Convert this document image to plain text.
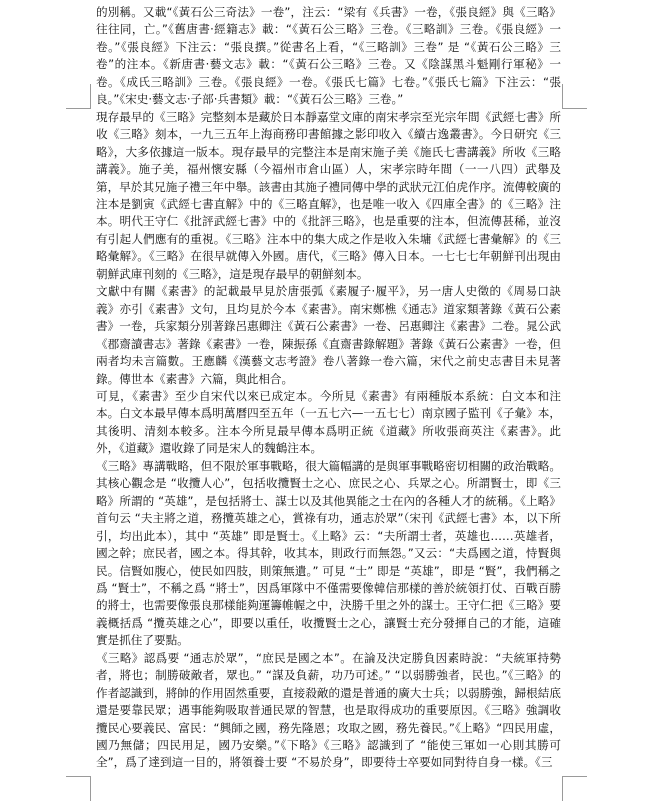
的別稱。又載“《黃石公三奇法》一卷”，注云：“梁有《兵書》一卷，《張良經》與《三略》往往同，亡。”《舊唐書·經籍志》載：“《黃石公三略》三卷。《三略訓》三卷。《張良經》一卷。”《張良經》下注云：“張良撰。”從書名上看，“《三略訓》三卷” 是 “《黃石公三略》三卷”的注本。《新唐書·藝文志》載：“《黃石公三略》三卷。又《陰謀黑斗魁剛行軍秘》一卷。《成氏三略訓》三卷。《張良經》一卷。《張氏七篇》七卷。”《張氏七篇》下注云：“張良。”《宋史·藝文志·子部·兵書類》載：“《黃石公三略》三卷。”

現存最早的《三略》完整刻本是藏於日本靜嘉堂文庫的南宋孝宗至光宗年間《武經七書》所收《三略》刻本，一九三五年上海商務印書館據之影印收入《續古逸叢書》。今日研究《三略》，大多依據這一版本。現存最早的完整注本是南宋施子美《施氏七書講義》所收《三略講義》。施子美，福州懷安縣（今福州市倉山區）人，宋孝宗時年間（一一八四）武舉及第，早於其兄施子禮三年中舉。該書由其施子禮同傳中學的武狀元江伯虎作序。流傳較廣的注本是劉寅《武經七書直解》中的《三略直解》，也是唯一收入《四庫全書》的《三略》注本。明代王守仁《批評武經七書》中的《批評三略》，也是重要的注本，但流傳甚稀，並沒有引起人們應有的重視。《三略》注本中的集大成之作是收入朱墉《武經七書彙解》的《三略彙解》。《三略》在很早就傳入外國。唐代，《三略》傳入日本。一七七七年朝鮮刊出現由朝鮮武庫刊刻的《三略》，這是現存最早的朝鮮刻本。

文獻中有關《素書》的記載最早見於唐張弧《素履子·履平》，另一唐人史徵的《周易口訣義》亦引《素書》文句，且均見於今本《素書》。南宋鄭樵《通志》道家類著錄《黃石公素書》一卷，兵家類分別著錄呂惠卿注《黃石公素書》一卷、呂惠卿注《素書》二卷。晁公武《郡齋讀書志》著錄《素書》一卷，陳振孫《直齋書錄解題》著錄《黃石公素書》一卷，但兩者均未言篇數。王應麟《漢藝文志考證》卷八著錄一卷六篇，宋代之前史志書目未見著錄。傳世本《素書》六篇，與此相合。

可見，《素書》至少自宋代以來已成定本。今所見《素書》有兩種版本系統：白文本和注本。白文本最早傳本爲明萬曆四至五年（一五七六—一五七七）南京國子監刊《子彙》本，其後明、清刻本較多。注本今所見最早傳本爲明正統《道藏》所收張商英注《素書》。此外，《道藏》還收錄了同是宋人的魏鶴注本。

《三略》專講戰略，但不限於軍事戰略，很大篇幅講的是與軍事戰略密切相關的政治戰略。其核心觀念是 “收攬人心”，包括收攬賢士之心、庶民之心、兵眾之心。所謂賢士，即《三略》所謂的 “英雄”，是包括將士、謀士以及其他異能之士在內的各種人才的統稱。《上略》首句云 “夫主將之道，務攬英雄之心，賞祿有功，通志於眾”（宋刊《武經七書》本，以下所引，均出此本），其中 “英雄” 即是賢士。《上略》云：“夫所謂士者，英雄也……英雄者，國之幹；庶民者，國之本。得其幹，收其本，則政行而無怨。”又云：“夫爲國之道，恃賢與民。信賢如腹心，使民如四肢，則策無遺。” 可見 “士” 即是 “英雄”，即是 “賢”，我們稱之爲 “賢士”，不稱之爲 “將士”，因爲軍隊中不僅需要像韓信那樣的善於統領打仗、百戰百勝的將士，也需要像張良那樣能夠運籌帷幄之中，決勝千里之外的謀士。王守仁把《三略》要義概括爲 “攬英雄之心”，即要以重任，收攬賢士之心，讓賢士充分發揮自己的才能，這確實是抓住了要點。

《三略》認爲要 “通志於眾”，“庶民是國之本”。在論及決定勝負因素時說：“夫統軍持勢者，將也；制勝破敵者，眾也。” “謀及負薪，功乃可述。” “以弱勝強者，民也。”《三略》的作者認識到，將帥的作用固然重要，直接殺敵的還是普通的廣大士兵；以弱勝強，歸根結底還是要靠民眾；遇事能夠吸取普通民眾的智慧，也是取得成功的重要原因。《三略》強調收攬民心要義民、富民：“興師之國，務先隆恩；攻取之國，務先養民。”《上略》“四民用虛，國乃無儲；四民用足，國乃安樂。”《下略》《三略》認識到了 “能使三軍如一心則其勝可全”，爲了達到這一目的，將領養士要 “不易於身”，即要待士卒要如同對待自身一樣。《三
